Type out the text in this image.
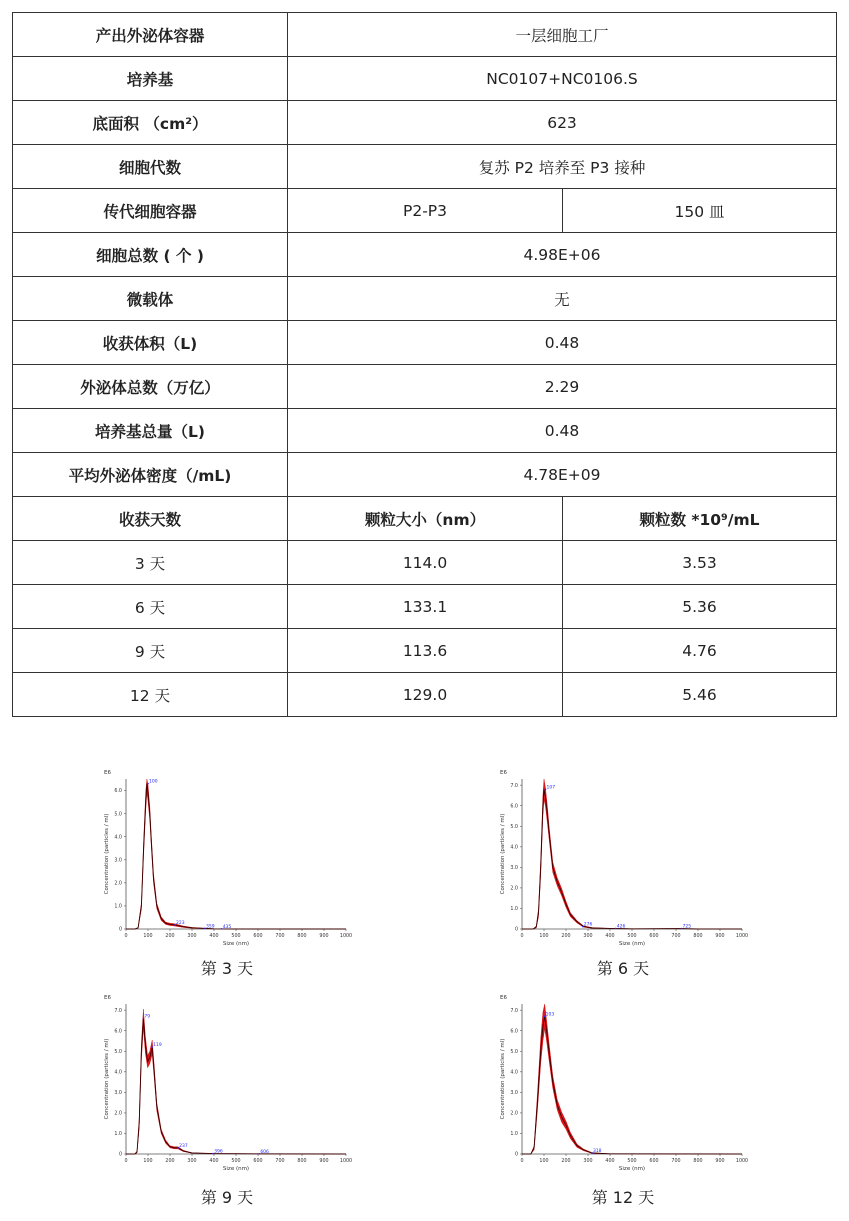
产出外泌体容器	一层细胞工厂	
培养基	NC0107+NC0106.S	
底面积 （cm²）	623	
细胞代数	复苏 P2 培养至 P3 接种	
传代细胞容器	P2-P3	150 皿
细胞总数 ( 个 )	4.98E+06	
微载体	无	
收获体积（L)	0.48	
外泌体总数（万亿）	2.29	
培养基总量（L)	0.48	
平均外泌体密度（/mL)	4.78E+09	
收获天数	颗粒大小（nm）	颗粒数 *10⁹/mL
3 天	114.0	3.53
6 天	133.1	5.36
9 天	113.6	4.76
12 天	129.0	5.46
E6
0	100	200	300	400	500	600	700	800	900 1000
0
1.0
2.0
3.0
4.0
5.0
6.0
Size (nm)
Concentration (particles / ml)
100
223
359 435
第 3 天
E6
0	100	200	300	400	500	600	700	800	900 1000
0
1.0
2.0
3.0
4.0
5.0
6.0
7.0
Size (nm)
Concentration (particles / ml)
107
276	426	725
第 6 天
E6
0	100	200	300	400	500	600	700	800	900 1000
0
1.0
2.0
3.0
4.0
5.0
6.0
7.0
Size (nm)
Concentration (particles / ml)
79
119
237
396	606
第 9 天
E6
0	100	200	300	400	500	600	700	800	900 1000
0
1.0
2.0
3.0
4.0
5.0
6.0
7.0
Size (nm)
Concentration (particles / ml)
103
318
第 12 天
